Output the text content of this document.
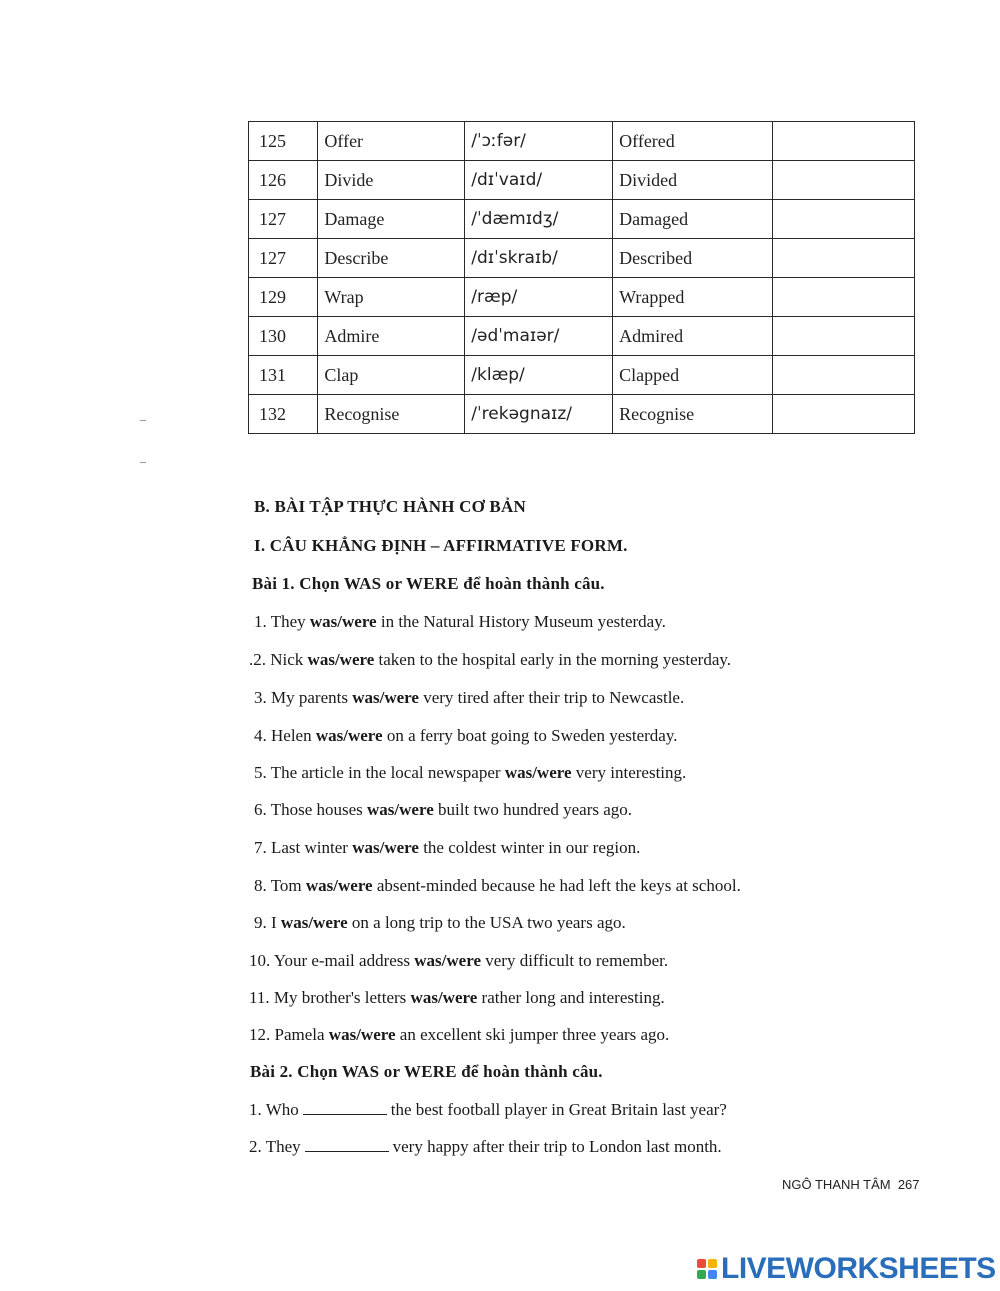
125	Offer	/ˈɔːfər/	Offered	
126	Divide	/dɪˈvaɪd/	Divided	
127	Damage	/ˈdæmɪdʒ/	Damaged	
127	Describe	/dɪˈskraɪb/	Described	
129	Wrap	/ræp/	Wrapped	
130	Admire	/ədˈmaɪər/	Admired	
131	Clap	/klæp/	Clapped	
132	Recognise	/ˈrekəgnaɪz/	Recognise	
B. BÀI TẬP THỰC HÀNH CƠ BẢN
I. CÂU KHẲNG ĐỊNH – AFFIRMATIVE FORM.
Bài 1. Chọn WAS or WERE để hoàn thành câu.
1. They was/were in the Natural History Museum yesterday.
.2. Nick was/were taken to the hospital early in the morning yesterday.
3. My parents was/were very tired after their trip to Newcastle.
4. Helen was/were on a ferry boat going to Sweden yesterday.
5. The article in the local newspaper was/were very interesting.
6. Those houses was/were built two hundred years ago.
7. Last winter was/were the coldest winter in our region.
8. Tom was/were absent-minded because he had left the keys at school.
9. I was/were on a long trip to the USA two years ago.
10. Your e-mail address was/were very difficult to remember.
11. My brother's letters was/were rather long and interesting.
12. Pamela was/were an excellent ski jumper three years ago.
Bài 2. Chọn WAS or WERE để hoàn thành câu.
1. Who	the best football player in Great Britain last year?
2. They	very happy after their trip to London last month.
NGÔ THANH TÂM 267
LIVEWORKSHEETS
